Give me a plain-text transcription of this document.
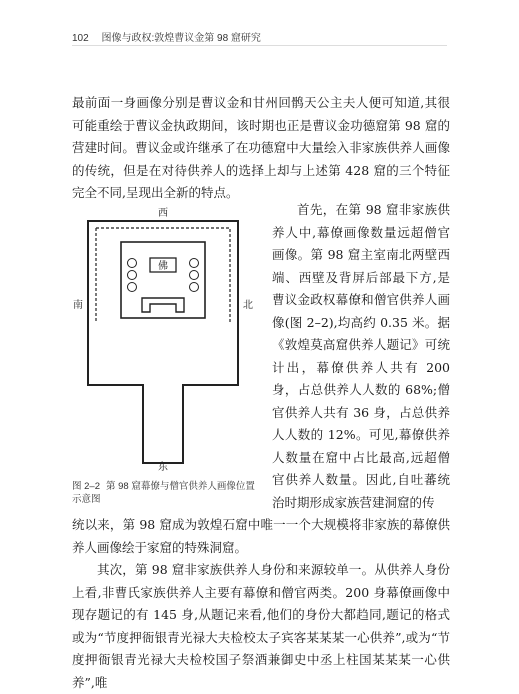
102 图像与政权:敦煌曹议金第 98 窟研究

最前面一身画像分别是曹议金和甘州回鹘天公主夫人便可知道,其很可能重绘于曹议金执政期间，该时期也正是曹议金功德窟第 98 窟的营建时间。曹议金或许继承了在功德窟中大量绘入非家族供养人画像的传统，但是在对待供养人的选择上却与上述第 428 窟的三个特征完全不同,呈现出全新的特点。

西
东
南	北
佛
图 2–2 第 98 窟幕僚与僧官供养人画像位置示意图

首先，在第 98 窟非家族供养人中,幕僚画像数量远超僧官画像。第 98 窟主室南北两壁西端、西壁及背屏后部最下方,是曹议金政权幕僚和僧官供养人画像(图 2–2),均高约 0.35 米。据《敦煌莫高窟供养人题记》可统计出，幕僚供养人共有 200 身，占总供养人人数的 68%;僧官供养人共有 36 身，占总供养人人数的 12%。可见,幕僚供养人数量在窟中占比最高,远超僧官供养人数量。因此,自吐蕃统治时期形成家族营建洞窟的传

统以来，第 98 窟成为敦煌石窟中唯一一个大规模将非家族的幕僚供养人画像绘于家窟的特殊洞窟。

其次，第 98 窟非家族供养人身份和来源较单一。从供养人身份上看,非曹氏家族供养人主要有幕僚和僧官两类。200 身幕僚画像中现存题记的有 145 身,从题记来看,他们的身份大都趋同,题记的格式或为“节度押衙银青光禄大夫检校太子宾客某某某一心供养”,或为“节度押衙银青光禄大夫检校国子祭酒兼御史中丞上柱国某某某一心供养”,唯
